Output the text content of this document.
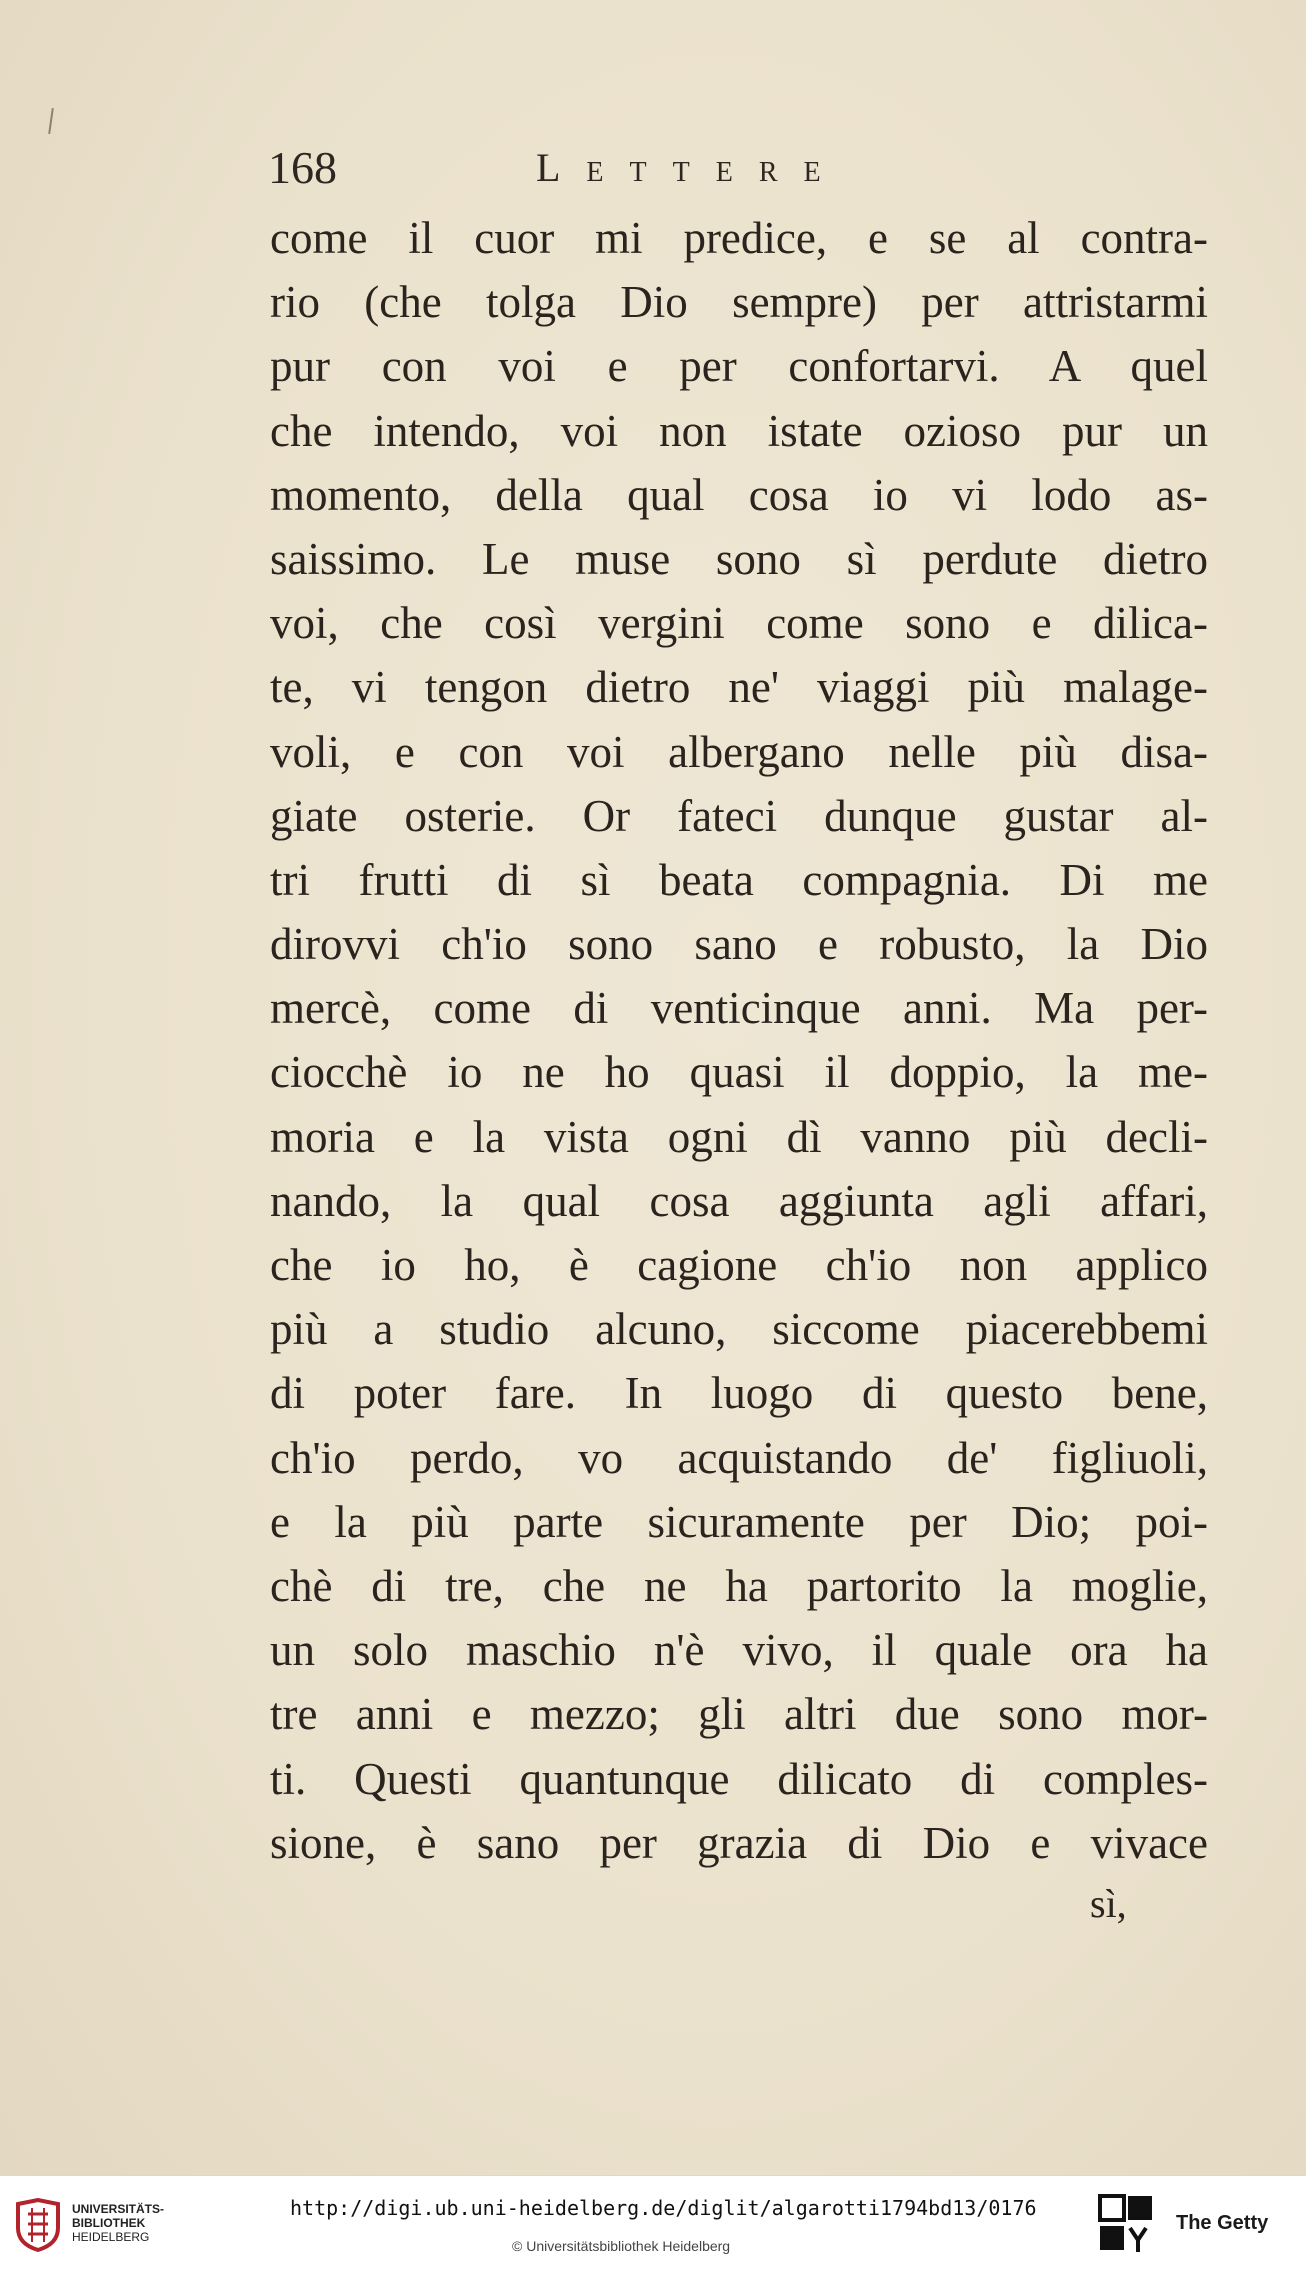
168	Lettere
come il cuor mi predice, e se al contra-
rio (che tolga Dio sempre) per attristarmi
pur con voi e per confortarvi. A quel
che intendo, voi non istate ozioso pur un
momento, della qual cosa io vi lodo as-
saissimo. Le muse sono sì perdute dietro
voi, che così vergini come sono e dilica-
te, vi tengon dietro ne' viaggi più malage-
voli, e con voi albergano nelle più disa-
giate osterie. Or fateci dunque gustar al-
tri frutti di sì beata compagnia. Di me
dirovvi ch'io sono sano e robusto, la Dio
mercè, come di venticinque anni. Ma per-
ciocchè io ne ho quasi il doppio, la me-
moria e la vista ogni dì vanno più decli-
nando, la qual cosa aggiunta agli affari,
che io ho, è cagione ch'io non applico
più a studio alcuno, siccome piacerebbemi
di poter fare. In luogo di questo bene,
ch'io perdo, vo acquistando de' figliuoli,
e la più parte sicuramente per Dio; poi-
chè di tre, che ne ha partorito la moglie,
un solo maschio n'è vivo, il quale ora ha
tre anni e mezzo; gli altri due sono mor-
ti. Questi quantunque dilicato di comples-
sione, è sano per grazia di Dio e vivace
sì,
UNIVERSITÄTS-
BIBLIOTHEK
HEIDELBERG
http://digi.ub.uni-heidelberg.de/diglit/algarotti1794bd13/0176
© Universitätsbibliothek Heidelberg
The Getty
